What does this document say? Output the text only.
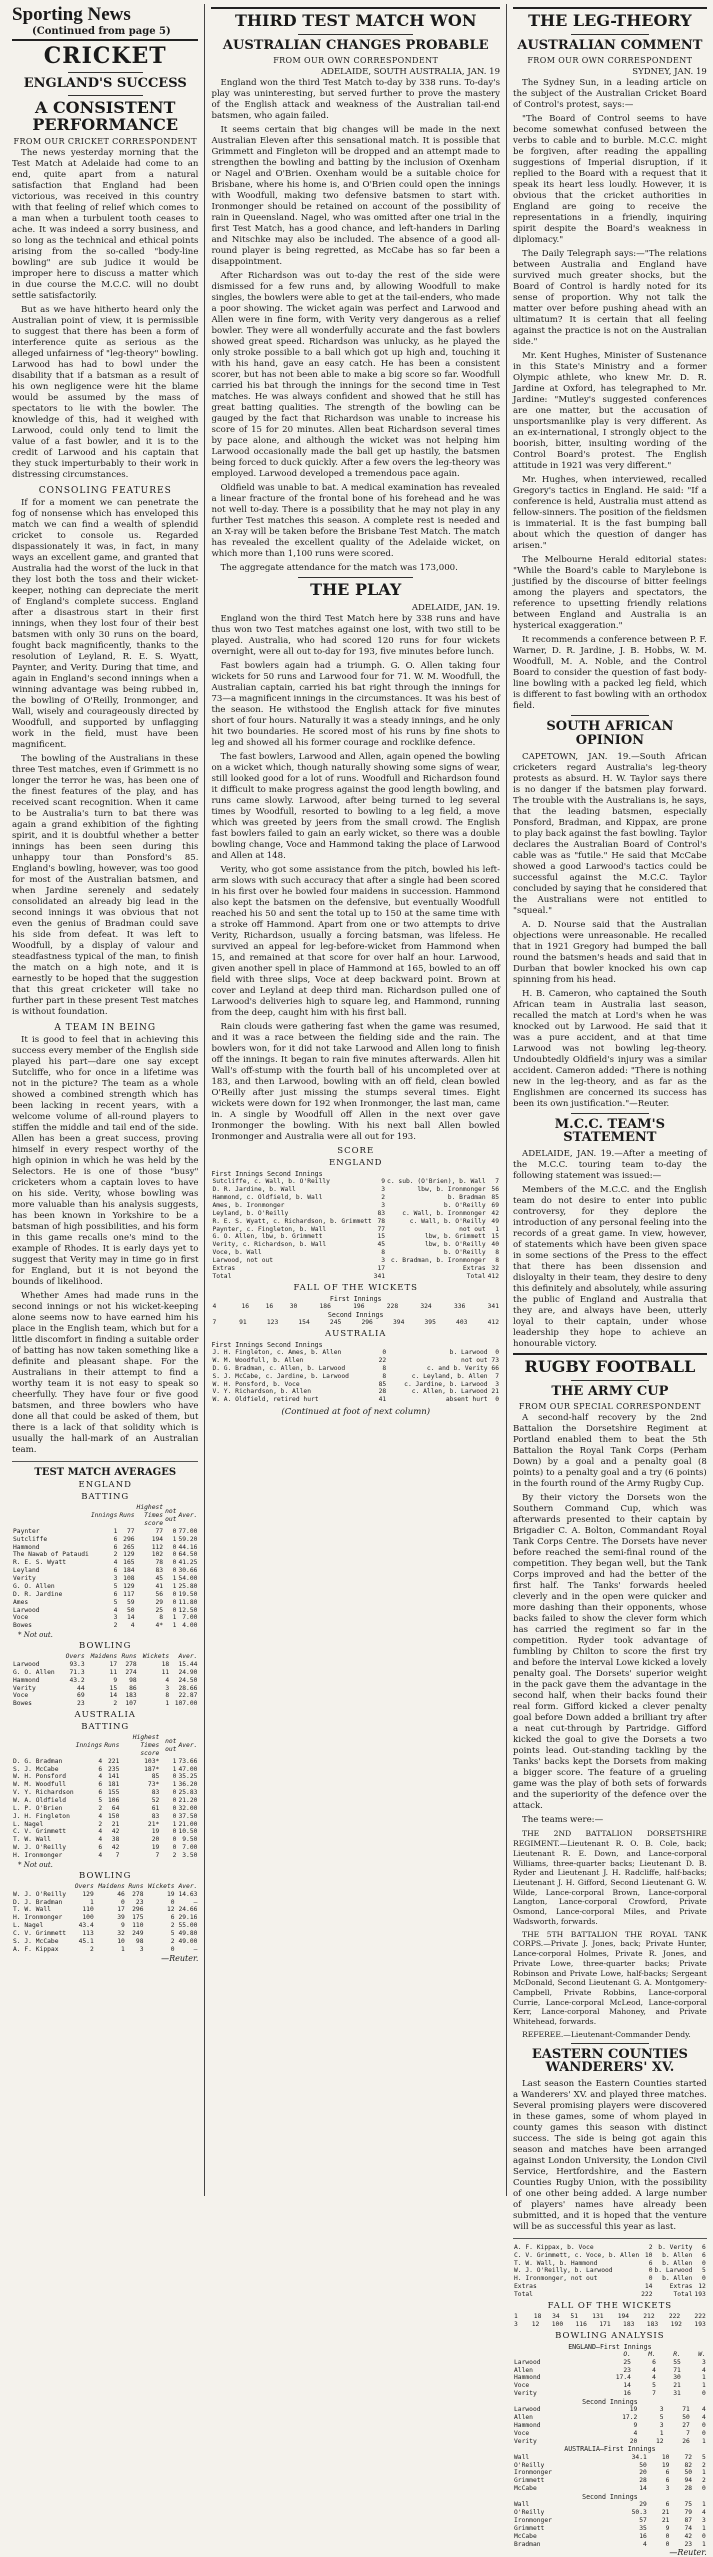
Sporting News
(Continued from page 5)
CRICKET
ENGLAND'S SUCCESS
A CONSISTENT PERFORMANCE
FROM OUR CRICKET CORRESPONDENT

The news yesterday morning that the Test Match at Adelaide had come to an end, quite apart from a natural satisfaction that England had been victorious, was received in this country with that feeling of relief which comes to a man when a turbulent tooth ceases to ache. It was indeed a sorry business, and so long as the technical and ethical points arising from the so-called "body-line bowling" are sub judice it would be improper here to discuss a matter which in due course the M.C.C. will no doubt settle satisfactorily.

But as we have hitherto heard only the Australian point of view, it is permissible to suggest that there has been a form of interference quite as serious as the alleged unfairness of "leg-theory" bowling. Larwood has had to bowl under the disability that if a batsman as a result of his own negligence were hit the blame would be assumed by the mass of spectators to lie with the bowler. The knowledge of this, had it weighed with Larwood, could only tend to limit the value of a fast bowler, and it is to the credit of Larwood and his captain that they stuck imperturbably to their work in distressing circumstances.

CONSOLING FEATURES

If for a moment we can penetrate the fog of nonsense which has enveloped this match we can find a wealth of splendid cricket to console us. Regarded dispassionately it was, in fact, in many ways an excellent game, and granted that Australia had the worst of the luck in that they lost both the toss and their wicket-keeper, nothing can depreciate the merit of England's complete success. England after a disastrous start in their first innings, when they lost four of their best batsmen with only 30 runs on the board, fought back magnificently, thanks to the resolution of Leyland, R. E. S. Wyatt, Paynter, and Verity. During that time, and again in England's second innings when a winning advantage was being rubbed in, the bowling of O'Reilly, Ironmonger, and Wall, wisely and courageously directed by Woodfull, and supported by unflagging work in the field, must have been magnificent.

The bowling of the Australians in these three Test matches, even if Grimmett is no longer the terror he was, has been one of the finest features of the play, and has received scant recognition. When it came to be Australia's turn to bat there was again a grand exhibition of the fighting spirit, and it is doubtful whether a better innings has been seen during this unhappy tour than Ponsford's 85. England's bowling, however, was too good for most of the Australian batsmen, and when Jardine serenely and sedately consolidated an already big lead in the second innings it was obvious that not even the genius of Bradman could save his side from defeat. It was left to Woodfull, by a display of valour and steadfastness typical of the man, to finish the match on a high note, and it is earnestly to be hoped that the suggestion that this great cricketer will take no further part in these present Test matches is without foundation.

A TEAM IN BEING

It is good to feel that in achieving this success every member of the English side played his part—dare one say except Sutcliffe, who for once in a lifetime was not in the picture? The team as a whole showed a combined strength which has been lacking in recent years, with a welcome volume of all-round players to stiffen the middle and tail end of the side. Allen has been a great success, proving himself in every respect worthy of the high opinion in which he was held by the Selectors. He is one of those "busy" cricketers whom a captain loves to have on his side. Verity, whose bowling was more valuable than his analysis suggests, has been known in Yorkshire to be a batsman of high possibilities, and his form in this game recalls one's mind to the example of Rhodes. It is early days yet to suggest that Verity may in time go in first for England, but it is not beyond the bounds of likelihood.

Whether Ames had made runs in the second innings or not his wicket-keeping alone seems now to have earned him his place in the English team, which but for a little discomfort in finding a suitable order of batting has now taken something like a definite and pleasant shape. For the Australians in their attempt to find a worthy team it is not easy to speak so cheerfully. They have four or five good batsmen, and three bowlers who have done all that could be asked of them, but there is a lack of that solidity which is usually the hall-mark of an Australian team.

TEST MATCH AVERAGES
ENGLAND
BATTING
	Innings	Runs	Highest Times score	not out	Aver.
Paynter	1	77	77	0	77.00
Sutcliffe	6	296	194	1	59.20
Hammond	6	265	112	0	44.16
The Nawab of Pataudi	2	129	102	0	64.50
R. E. S. Wyatt	4	165	78	0	41.25
Leyland	6	184	83	0	30.66
Verity	3	108	45	1	54.00
G. O. Allen	5	129	41	1	25.80
D. R. Jardine	6	117	56	0	19.50
Ames	5	59	29	0	11.80
Larwood	4	50	25	0	12.50
Voce	3	14	8	1	7.00
Bowes	2	4	4*	1	4.00
* Not out.
BOWLING
	Overs	Maidens	Runs	Wickets	Aver.
Larwood	93.3	17	278	18	15.44
G. O. Allen	71.3	11	274	11	24.90
Hammond	43.2	9	98	4	24.50
Verity	44	15	86	3	28.66
Voce	69	14	183	8	22.87
Bowes	23	2	107	1	107.00
AUSTRALIA
BATTING
	Innings	Runs	Highest Times score	not out	Aver.
D. G. Bradman	4	221	103*	1	73.66
S. J. McCabe	6	235	187*	1	47.00
W. H. Ponsford	4	141	85	0	35.25
W. M. Woodfull	6	181	73*	1	36.20
V. Y. Richardson	6	155	83	0	25.83
W. A. Oldfield	5	106	52	0	21.20
L. P. O'Brien	2	64	61	0	32.00
J. H. Fingleton	4	150	83	0	37.50
L. Nagel	2	21	21*	1	21.00
C. V. Grimmett	4	42	19	0	10.50
T. W. Wall	4	38	20	0	9.50
W. J. O'Reilly	6	42	19	0	7.00
H. Ironmonger	4	7	7	2	3.50
* Not out.
BOWLING
	Overs	Maidens	Runs	Wickets	Aver.
W. J. O'Reilly	129	46	278	19	14.63
D. J. Bradman	1	0	23	0	—
T. W. Wall	110	17	296	12	24.66
H. Ironmonger	100	39	175	6	29.16
L. Nagel	43.4	9	110	2	55.00
C. V. Grimmett	113	32	249	5	49.80
S. J. McCabe	45.1	10	98	2	49.00
A. F. Kippax	2	1	3	0	—
—Reuter.
THIRD TEST MATCH WON
AUSTRALIAN CHANGES PROBABLE
FROM OUR OWN CORRESPONDENT
ADELAIDE, SOUTH AUSTRALIA, JAN. 19

England won the third Test Match to-day by 338 runs. To-day's play was uninteresting, but served further to prove the mastery of the English attack and weakness of the Australian tail-end batsmen, who again failed.

It seems certain that big changes will be made in the next Australian Eleven after this sensational match. It is possible that Grimmett and Fingleton will be dropped and an attempt made to strengthen the bowling and batting by the inclusion of Oxenham or Nagel and O'Brien. Oxenham would be a suitable choice for Brisbane, where his home is, and O'Brien could open the innings with Woodfull, making two defensive batsmen to start with. Ironmonger should be retained on account of the possibility of rain in Queensland. Nagel, who was omitted after one trial in the first Test Match, has a good chance, and left-handers in Darling and Nitschke may also be included. The absence of a good all-round player is being regretted, as McCabe has so far been a disappointment.

After Richardson was out to-day the rest of the side were dismissed for a few runs and, by allowing Woodfull to make singles, the bowlers were able to get at the tail-enders, who made a poor showing. The wicket again was perfect and Larwood and Allen were in fine form, with Verity very dangerous as a relief bowler. They were all wonderfully accurate and the fast bowlers showed great speed. Richardson was unlucky, as he played the only stroke possible to a ball which got up high and, touching it with his hand, gave an easy catch. He has been a consistent scorer, but has not been able to make a big score so far. Woodfull carried his bat through the innings for the second time in Test matches. He was always confident and showed that he still has great batting qualities. The strength of the bowling can be gauged by the fact that Richardson was unable to increase his score of 15 for 20 minutes. Allen beat Richardson several times by pace alone, and although the wicket was not helping him Larwood occasionally made the ball get up hastily, the batsmen being forced to duck quickly. After a few overs the leg-theory was employed. Larwood developed a tremendous pace again.

Oldfield was unable to bat. A medical examination has revealed a linear fracture of the frontal bone of his forehead and he was not well to-day. There is a possibility that he may not play in any further Test matches this season. A complete rest is needed and an X-ray will be taken before the Brisbane Test Match. The match has revealed the excellent quality of the Adelaide wicket, on which more than 1,100 runs were scored.

The aggregate attendance for the match was 173,000.

THE PLAY
ADELAIDE, JAN. 19.

England won the third Test Match here by 338 runs and have thus won two Test matches against one lost, with two still to be played. Australia, who had scored 120 runs for four wickets overnight, were all out to-day for 193, five minutes before lunch.

Fast bowlers again had a triumph. G. O. Allen taking four wickets for 50 runs and Larwood four for 71. W. M. Woodfull, the Australian captain, carried his bat right through the innings for 73—a magnificent innings in the circumstances. It was his best of the season. He withstood the English attack for five minutes short of four hours. Naturally it was a steady innings, and he only hit two boundaries. He scored most of his runs by fine shots to leg and showed all his former courage and rocklike defence.

The fast bowlers, Larwood and Allen, again opened the bowling on a wicket which, though naturally showing some signs of wear, still looked good for a lot of runs. Woodfull and Richardson found it difficult to make progress against the good length bowling, and runs came slowly. Larwood, after being turned to leg several times by Woodfull, resorted to bowling to a leg field, a move which was greeted by jeers from the small crowd. The English fast bowlers failed to gain an early wicket, so there was a double bowling change, Voce and Hammond taking the place of Larwood and Allen at 148.

Verity, who got some assistance from the pitch, bowled his left-arm slows with such accuracy that after a single had been scored in his first over he bowled four maidens in succession. Hammond also kept the batsmen on the defensive, but eventually Woodfull reached his 50 and sent the total up to 150 at the same time with a stroke off Hammond. Apart from one or two attempts to drive Verity, Richardson, usually a forcing batsman, was lifeless. He survived an appeal for leg-before-wicket from Hammond when 15, and remained at that score for over half an hour. Larwood, given another spell in place of Hammond at 165, bowled to an off field with three slips, Voce at deep backward point. Brown at cover and Leyland at deep third man. Richardson pulled one of Larwood's deliveries high to square leg, and Hammond, running from the deep, caught him with his first ball.

Rain clouds were gathering fast when the game was resumed, and it was a race between the fielding side and the rain. The bowlers won, for it did not take Larwood and Allen long to finish off the innings. It began to rain five minutes afterwards. Allen hit Wall's off-stump with the fourth ball of his uncompleted over at 183, and then Larwood, bowling with an off field, clean bowled O'Reilly after just missing the stumps several times. Eight wickets were down for 192 when Ironmonger, the last man, came in. A single by Woodfull off Allen in the next over gave Ironmonger the bowling. With his next ball Allen bowled Ironmonger and Australia were all out for 193.

SCORE
ENGLAND
First Innings Second Innings
Sutcliffe, c. Wall, b. O'Reilly	9	c. sub. (O'Brien), b. Wall	7
D. R. Jardine, b. Wall	3	lbw, b. Ironmonger	56
Hammond, c. Oldfield, b. Wall	2	b. Bradman	85
Ames, b. Ironmonger	3	b. O'Reilly	69
Leyland, b. O'Reilly	83	c. Wall, b. Ironmonger	42
R. E. S. Wyatt, c. Richardson, b. Grimmett	78	c. Wall, b. O'Reilly	49
Paynter, c. Fingleton, b. Wall	77	not out	1
G. O. Allen, lbw, b. Grimmett	15	lbw, b. Grimmett	15
Verity, c. Richardson, b. Wall	45	lbw, b. O'Reilly	40
Voce, b. Wall	8	b. O'Reilly	8
Larwood, not out	3	c. Bradman, b. Ironmonger	8
Extras	17	Extras	32
Total	341	Total	412
FALL OF THE WICKETS
First Innings
4	16	16	30	186	196	228	324	336	341
Second Innings
7	91	123	154	245	296	394	395	403	412
AUSTRALIA
First Innings Second Innings
J. H. Fingleton, c. Ames, b. Allen	0	b. Larwood	0
W. M. Woodfull, b. Allen	22	not out	73
D. G. Bradman, c. Allen, b. Larwood	8	c. and b. Verity	66
S. J. McCabe, c. Jardine, b. Larwood	8	c. Leyland, b. Allen	7
W. H. Ponsford, b. Voce	85	c. Jardine, b. Larwood	3
V. Y. Richardson, b. Allen	28	c. Allen, b. Larwood	21
W. A. Oldfield, retired hurt	41	absent hurt	0
(Continued at foot of next column)
THE LEG-THEORY
AUSTRALIAN COMMENT
FROM OUR OWN CORRESPONDENT
SYDNEY, JAN. 19

The Sydney Sun, in a leading article on the subject of the Australian Cricket Board of Control's protest, says:—

"The Board of Control seems to have become somewhat confused between the verbs to cable and to burble. M.C.C. might be forgiven, after reading the appalling suggestions of Imperial disruption, if it replied to the Board with a request that it speak its heart less loudly. However, it is obvious that the cricket authorities in England are going to receive the representations in a friendly, inquiring spirit despite the Board's weakness in diplomacy."

The Daily Telegraph says:—"The relations between Australia and England have survived much greater shocks, but the Board of Control is hardly noted for its sense of proportion. Why not talk the matter over before pushing ahead with an ultimatum? It is certain that all feeling against the practice is not on the Australian side."

Mr. Kent Hughes, Minister of Sustenance in this State's Ministry and a former Olympic athlete, who knew Mr. D. R. Jardine at Oxford, has telegraphed to Mr. Jardine: "Mutley's suggested conferences are one matter, but the accusation of unsportsmanlike play is very different. As an ex-international, I strongly object to the boorish, bitter, insulting wording of the Control Board's protest. The English attitude in 1921 was very different."

Mr. Hughes, when interviewed, recalled Gregory's tactics in England. He said: "If a conference is held, Australia must attend as fellow-sinners. The position of the fieldsmen is immaterial. It is the fast bumping ball about which the question of danger has arisen."

The Melbourne Herald editorial states: "While the Board's cable to Marylebone is justified by the discourse of bitter feelings among the players and spectators, the reference to upsetting friendly relations between England and Australia is an hysterical exaggeration."

It recommends a conference between P. F. Warner, D. R. Jardine, J. B. Hobbs, W. M. Woodfull, M. A. Noble, and the Control Board to consider the question of fast body-line bowling with a packed leg field, which is different to fast bowling with an orthodox field.

SOUTH AFRICAN OPINION

CAPETOWN, JAN. 19.—South African cricketers regard Australia's leg-theory protests as absurd. H. W. Taylor says there is no danger if the batsmen play forward. The trouble with the Australians is, he says, that the leading batsmen, especially Ponsford, Bradman, and Kippax, are prone to play back against the fast bowling. Taylor declares the Australian Board of Control's cable was as "futile." He said that McCabe showed a good Larwood's tactics could be successful against the M.C.C. Taylor concluded by saying that he considered that the Australians were not entitled to "squeal."

A. D. Nourse said that the Australian objections were unreasonable. He recalled that in 1921 Gregory had bumped the ball round the batsmen's heads and said that in Durban that bowler knocked his own cap spinning from his head.

H. B. Cameron, who captained the South African team in Australia last season, recalled the match at Lord's when he was knocked out by Larwood. He said that it was a pure accident, and at that time Larwood was not bowling leg-theory. Undoubtedly Oldfield's injury was a similar accident. Cameron added: "There is nothing new in the leg-theory, and as far as the Englishmen are concerned its success has been its own justification."—Reuter.

M.C.C. TEAM'S STATEMENT

ADELAIDE, JAN. 19.—After a meeting of the M.C.C. touring team to-day the following statement was issued:—

Members of the M.C.C. and the English team do not desire to enter into public controversy, for they deplore the introduction of any personal feeling into the records of a great game. In view, however, of statements which have been given space in some sections of the Press to the effect that there has been dissension and disloyalty in their team, they desire to deny this definitely and absolutely, while assuring the public of England and Australia that they are, and always have been, utterly loyal to their captain, under whose leadership they hope to achieve an honourable victory.

RUGBY FOOTBALL
THE ARMY CUP
FROM OUR SPECIAL CORRESPONDENT

A second-half recovery by the 2nd Battalion the Dorsetshire Regiment at Portland enabled them to beat the 5th Battalion the Royal Tank Corps (Perham Down) by a goal and a penalty goal (8 points) to a penalty goal and a try (6 points) in the fourth round of the Army Rugby Cup.

By their victory the Dorsets won the Southern Command Cup, which was afterwards presented to their captain by Brigadier C. A. Bolton, Commandant Royal Tank Corps Centre. The Dorsets have never before reached the semi-final round of the competition. They began well, but the Tank Corps improved and had the better of the first half. The Tanks' forwards heeled cleverly and in the open were quicker and more dashing than their opponents, whose backs failed to show the clever form which has carried the regiment so far in the competition. Ryder took advantage of fumbling by Chilton to score the first try and before the interval Lowe kicked a lovely penalty goal. The Dorsets' superior weight in the pack gave them the advantage in the second half, when their backs found their real form. Gifford kicked a clever penalty goal before Down added a brilliant try after a neat cut-through by Partridge. Gifford kicked the goal to give the Dorsets a two points lead. Out-standing tackling by the Tanks' backs kept the Dorsets from making a bigger score. The feature of a grueling game was the play of both sets of forwards and the superiority of the defence over the attack.

The teams were:—

THE 2ND BATTALION DORSETSHIRE REGIMENT.—Lieutenant R. O. B. Cole, back; Lieutenant R. E. Down, and Lance-corporal Williams, three-quarter backs; Lieutenant D. B. Ryder and Lieutenant J. H. Radcliffe, half-backs; Lieutenant J. H. Gifford, Second Lieutenant G. W. Wilde, Lance-corporal Brown, Lance-corporal Langton, Lance-corporal Crowford, Private Osmond, Lance-corporal Miles, and Private Wadsworth, forwards.

THE 5TH BATTALION THE ROYAL TANK CORPS.—Private J. Jones, back; Private Hunter, Lance-corporal Holmes, Private R. Jones, and Private Lowe, three-quarter backs; Private Robinson and Private Lowe, half-backs; Sergeant McDonald, Second Lieutenant G. A. Montgomery-Campbell, Private Robbins, Lance-corporal Currie, Lance-corporal McLeod, Lance-corporal Kerr, Lance-corporal Mahoney, and Private Whitehead, forwards.

REFEREE.—Lieutenant-Commander Dendy.

EASTERN COUNTIES WANDERERS' XV.

Last season the Eastern Counties started a Wanderers' XV. and played three matches. Several promising players were discovered in these games, some of whom played in county games this season with distinct success. The side is being got again this season and matches have been arranged against London University, the London Civil Service, Hertfordshire, and the Eastern Counties Rugby Union, with the possibility of one other being added. A large number of players' names have already been submitted, and it is hoped that the venture will be as successful this year as last.

A. F. Kippax, b. Voce	2	b. Verity	6
C. V. Grimmett, c. Voce, b. Allen	10	b. Allen	6
T. W. Wall, b. Hammond	6	b. Allen	0
W. J. O'Reilly, b. Larwood	0	b. Larwood	5
H. Ironmonger, not out	0	b. Allen	0
Extras	14	Extras	12
Total	222	Total	193
FALL OF THE WICKETS
1	18	34	51	131	194	212	222	222
3	12	100	116	171	183	183	192	193
BOWLING ANALYSIS
ENGLAND—First Innings
	O.	M.	R.	W.
Larwood	25	6	55	3
Allen	23	4	71	4
Hammond	17.4	4	30	1
Voce	14	5	21	1
Verity	16	7	31	0
Second Innings
Larwood	19	3	71	4
Allen	17.2	5	50	4
Hammond	9	3	27	0
Voce	4	1	7	0
Verity	20	12	26	1
AUSTRALIA—First Innings
Wall	34.1	10	72	5
O'Reilly	50	19	82	2
Ironmonger	20	6	50	1
Grimmett	28	6	94	2
McCabe	14	3	28	0
Second Innings
Wall	29	6	75	1
O'Reilly	50.3	21	79	4
Ironmonger	57	21	87	3
Grimmett	35	9	74	1
McCabe	16	0	42	0
Bradman	4	0	23	1
—Reuter.
